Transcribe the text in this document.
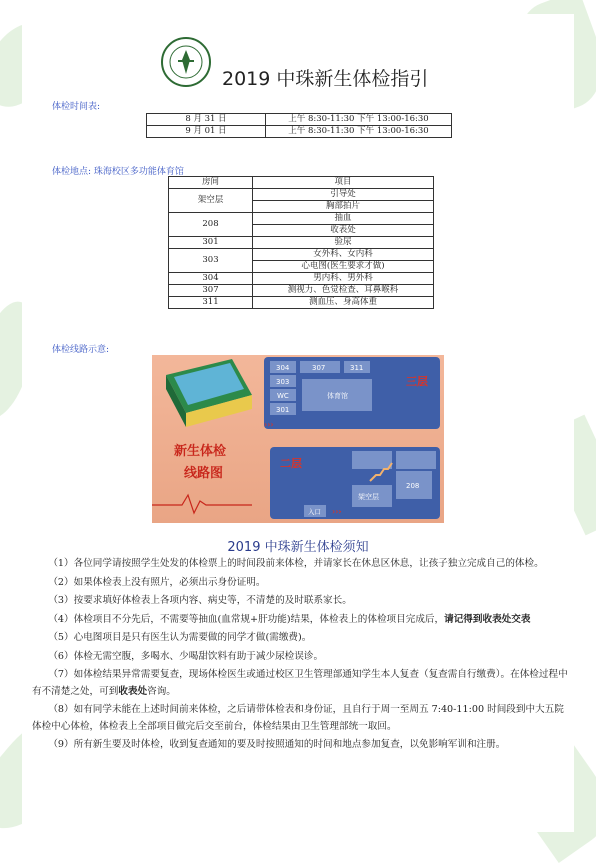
2019 中珠新生体检指引
体检时间表:
8 月 31 日	上午 8:30-11:30 下午 13:00-16:30
9 月 01 日	上午 8:30-11:30 下午 13:00-16:30
体检地点: 珠海校区多功能体育馆
房间	项目
架空层	引导处
	胸部拍片
208	抽血
	收表处
301	验尿
303	女外科、女内科
	心电图(医生要求才做)
304	男内科、男外科
307	测视力、色觉检查、耳鼻喉科
311	测血压、身高体重
体检线路示意:
304	307	311
303
WC
301
体育馆
三层
›››
新生体检
线路图
二层
208
架空层
入口 ›››
2019 中珠新生体检须知

（1）各位同学请按照学生处发的体检票上的时间段前来体检，并请家长在休息区休息，让孩子独立完成自己的体检。

（2）如果体检表上没有照片，必须出示身份证明。

（3）按要求填好体检表上各项内容、病史等，不清楚的及时联系家长。

（4）体检项目不分先后，不需要等抽血(血常规+肝功能)结果，体检表上的体检项目完成后，请记得到收表处交表

（5）心电图项目是只有医生认为需要做的同学才做(需缴费)。

（6）体检无需空腹，多喝水、少喝甜饮料有助于减少尿检误诊。

（7）如体检结果异常需要复查，现场体检医生或通过校区卫生管理部通知学生本人复查（复查需自行缴费）。在体检过程中有不清楚之处，可到收表处咨询。

（8）如有同学未能在上述时间前来体检，之后请带体检表和身份证，且自行于周一至周五 7:40-11:00 时间段到中大五院体检中心体检，体检表上全部项目做完后交至前台，体检结果由卫生管理部统一取回。

（9）所有新生要及时体检，收到复查通知的要及时按照通知的时间和地点参加复查，以免影响军训和注册。
